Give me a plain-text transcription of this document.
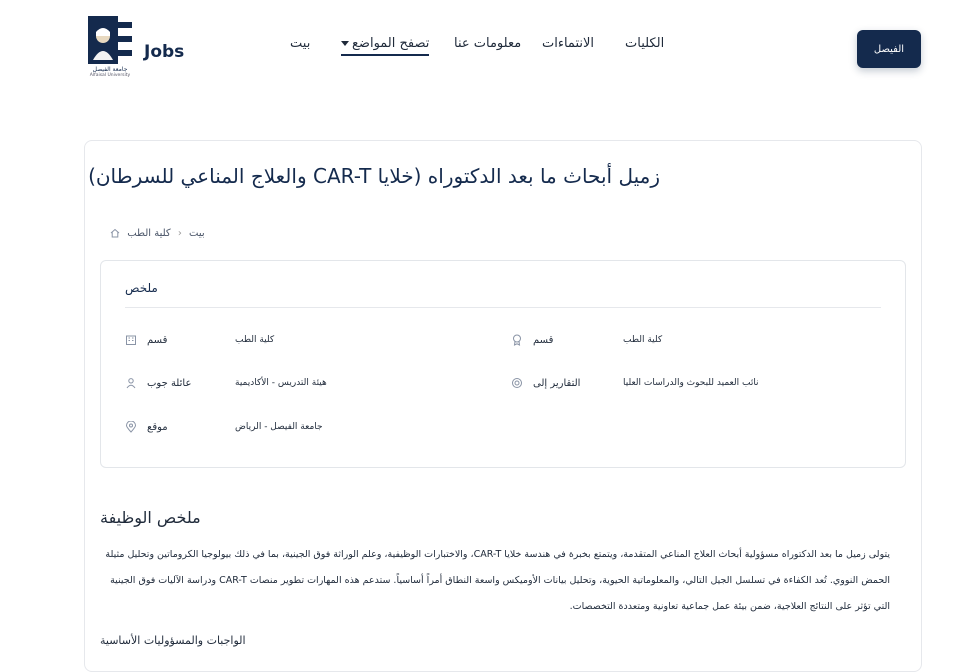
Jobs
جامعة الفيصل
Alfaisal University
الكليات
الانتماءات
معلومات عنا
تصفح المواضع
بيت	الفيصل
زميل أبحاث ما بعد الدكتوراه (خلايا CAR-T والعلاج المناعي للسرطان)
بيت ‹ كلية الطب
ملخص
قسم	كلية الطب
عائلة جوب	هيئة التدريس - الأكاديمية
موقع	جامعة الفيصل - الرياض
قسم	كلية الطب
التقارير إلى	نائب العميد للبحوث والدراسات العليا
ملخص الوظيفة
يتولى زميل ما بعد الدكتوراه مسؤولية أبحاث العلاج المناعي المتقدمة، ويتمتع بخبرة في هندسة خلايا CAR-T، والاختبارات الوظيفية، وعلم الوراثة فوق الجينية، بما في ذلك بيولوجيا الكروماتين وتحليل مثيلة الحمض النووي. تُعد الكفاءة في تسلسل الجيل التالي، والمعلوماتية الحيوية، وتحليل بيانات الأوميكس واسعة النطاق أمراً أساسياً. ستدعم هذه المهارات تطوير منصات CAR-T ودراسة الآليات فوق الجينية التي تؤثر على النتائج العلاجية، ضمن بيئة عمل جماعية تعاونية ومتعددة التخصصات.
الواجبات والمسؤوليات الأساسية
